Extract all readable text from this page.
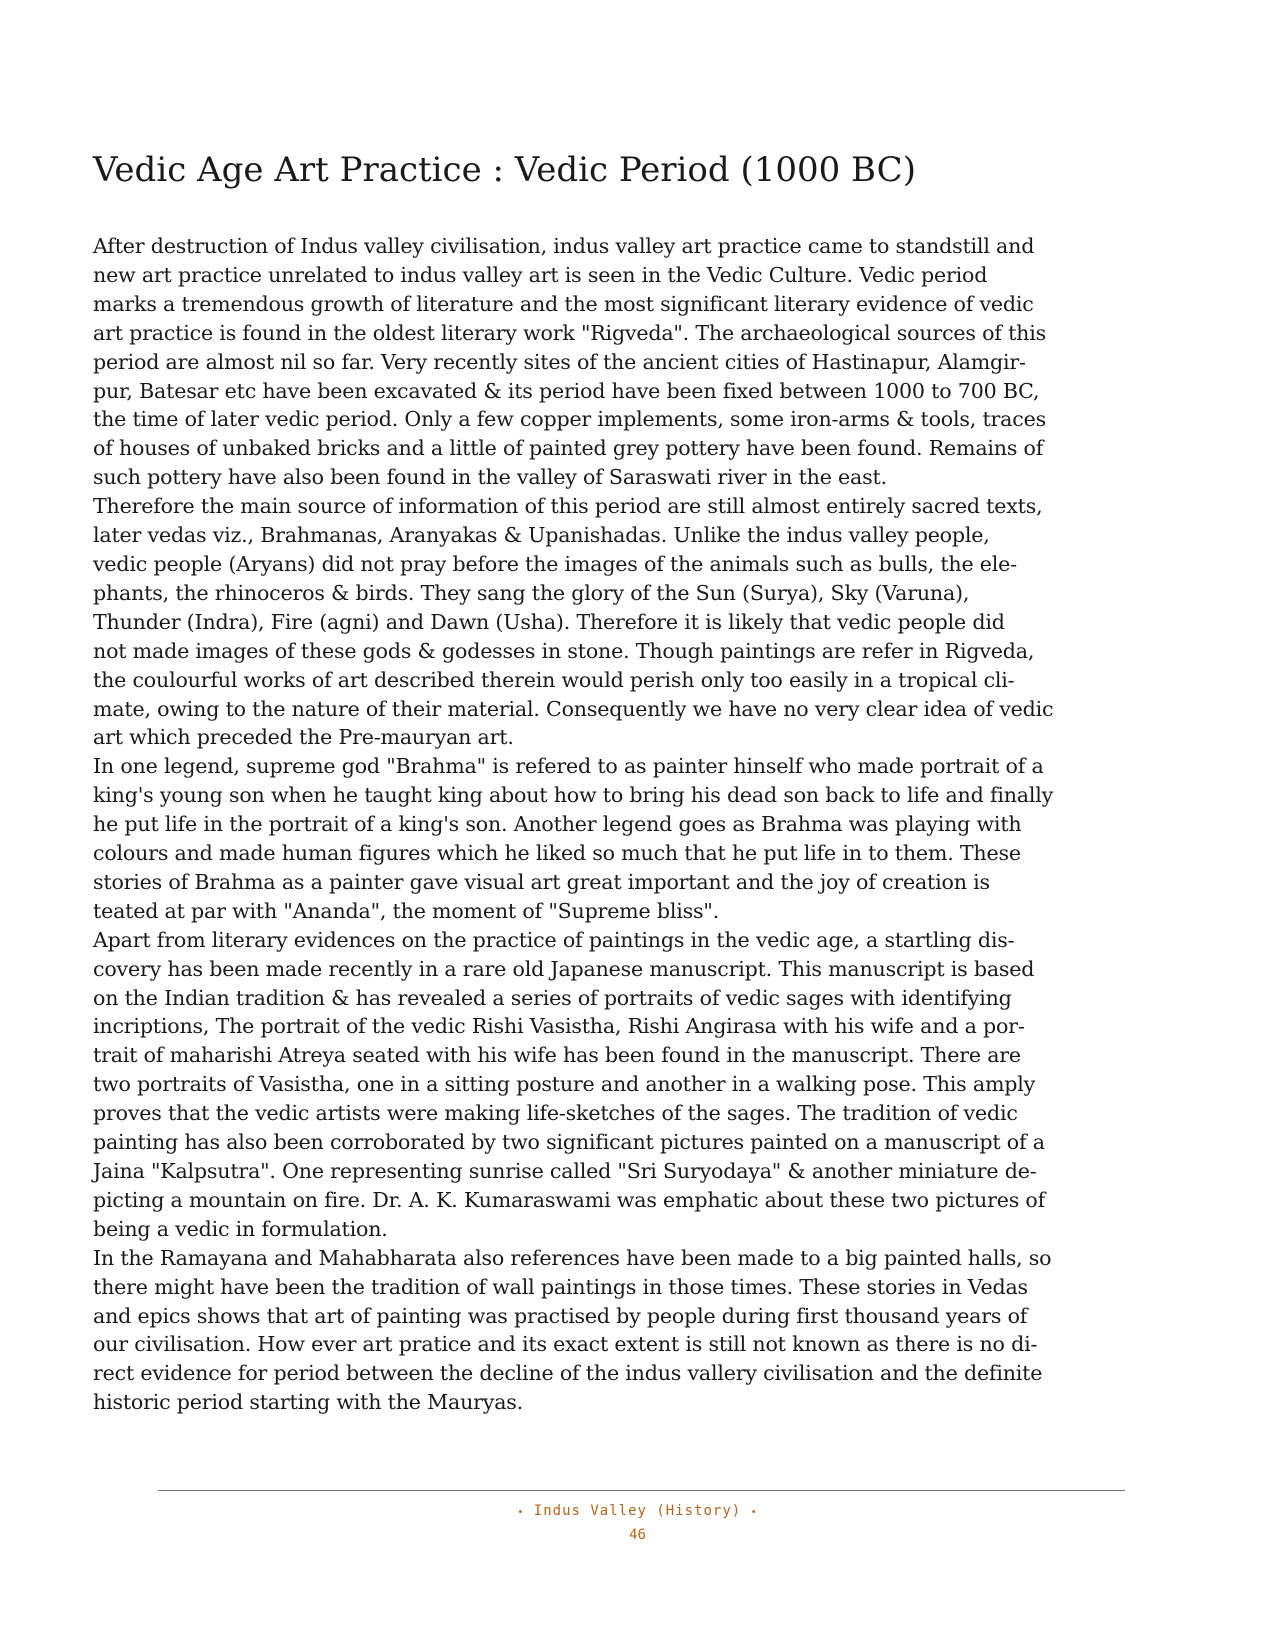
Vedic Age Art Practice : Vedic Period (1000 BC)
After destruction of Indus valley civilisation, indus valley art practice came to standstill and
new art practice unrelated to indus valley art is seen in the Vedic Culture. Vedic period
marks a tremendous growth of literature and the most significant literary evidence of vedic
art practice is found in the oldest literary work "Rigveda". The archaeological sources of this
period are almost nil so far. Very recently sites of the ancient cities of Hastinapur, Alamgir-
pur, Batesar etc have been excavated & its period have been fixed between 1000 to 700 BC,
the time of later vedic period. Only a few copper implements, some iron-arms & tools, traces
of houses of unbaked bricks and a little of painted grey pottery have been found. Remains of
such pottery have also been found in the valley of Saraswati river in the east.
Therefore the main source of information of this period are still almost entirely sacred texts,
later vedas viz., Brahmanas, Aranyakas & Upanishadas. Unlike the indus valley people,
vedic people (Aryans) did not pray before the images of the animals such as bulls, the ele-
phants, the rhinoceros & birds. They sang the glory of the Sun (Surya), Sky (Varuna),
Thunder (Indra), Fire (agni) and Dawn (Usha). Therefore it is likely that vedic people did
not made images of these gods & godesses in stone. Though paintings are refer in Rigveda,
the coulourful works of art described therein would perish only too easily in a tropical cli-
mate, owing to the nature of their material. Consequently we have no very clear idea of vedic
art which preceded the Pre-mauryan art.
In one legend, supreme god "Brahma" is refered to as painter hinself who made portrait of a
king's young son when he taught king about how to bring his dead son back to life and finally
he put life in the portrait of a king's son. Another legend goes as Brahma was playing with
colours and made human figures which he liked so much that he put life in to them. These
stories of Brahma as a painter gave visual art great important and the joy of creation is
teated at par with "Ananda", the moment of "Supreme bliss".
Apart from literary evidences on the practice of paintings in the vedic age, a startling dis-
covery has been made recently in a rare old Japanese manuscript. This manuscript is based
on the Indian tradition & has revealed a series of portraits of vedic sages with identifying
incriptions, The portrait of the vedic Rishi Vasistha, Rishi Angirasa with his wife and a por-
trait of maharishi Atreya seated with his wife has been found in the manuscript. There are
two portraits of Vasistha, one in a sitting posture and another in a walking pose. This amply
proves that the vedic artists were making life-sketches of the sages. The tradition of vedic
painting has also been corroborated by two significant pictures painted on a manuscript of a
Jaina "Kalpsutra". One representing sunrise called "Sri Suryodaya" & another miniature de-
picting a mountain on fire. Dr. A. K. Kumaraswami was emphatic about these two pictures of
being a vedic in formulation.
In the Ramayana and Mahabharata also references have been made to a big painted halls, so
there might have been the tradition of wall paintings in those times. These stories in Vedas
and epics shows that art of painting was practised by people during first thousand years of
our civilisation. How ever art pratice and its exact extent is still not known as there is no di-
rect evidence for period between the decline of the indus vallery civilisation and the definite
historic period starting with the Mauryas.
• Indus Valley (History) •
46
